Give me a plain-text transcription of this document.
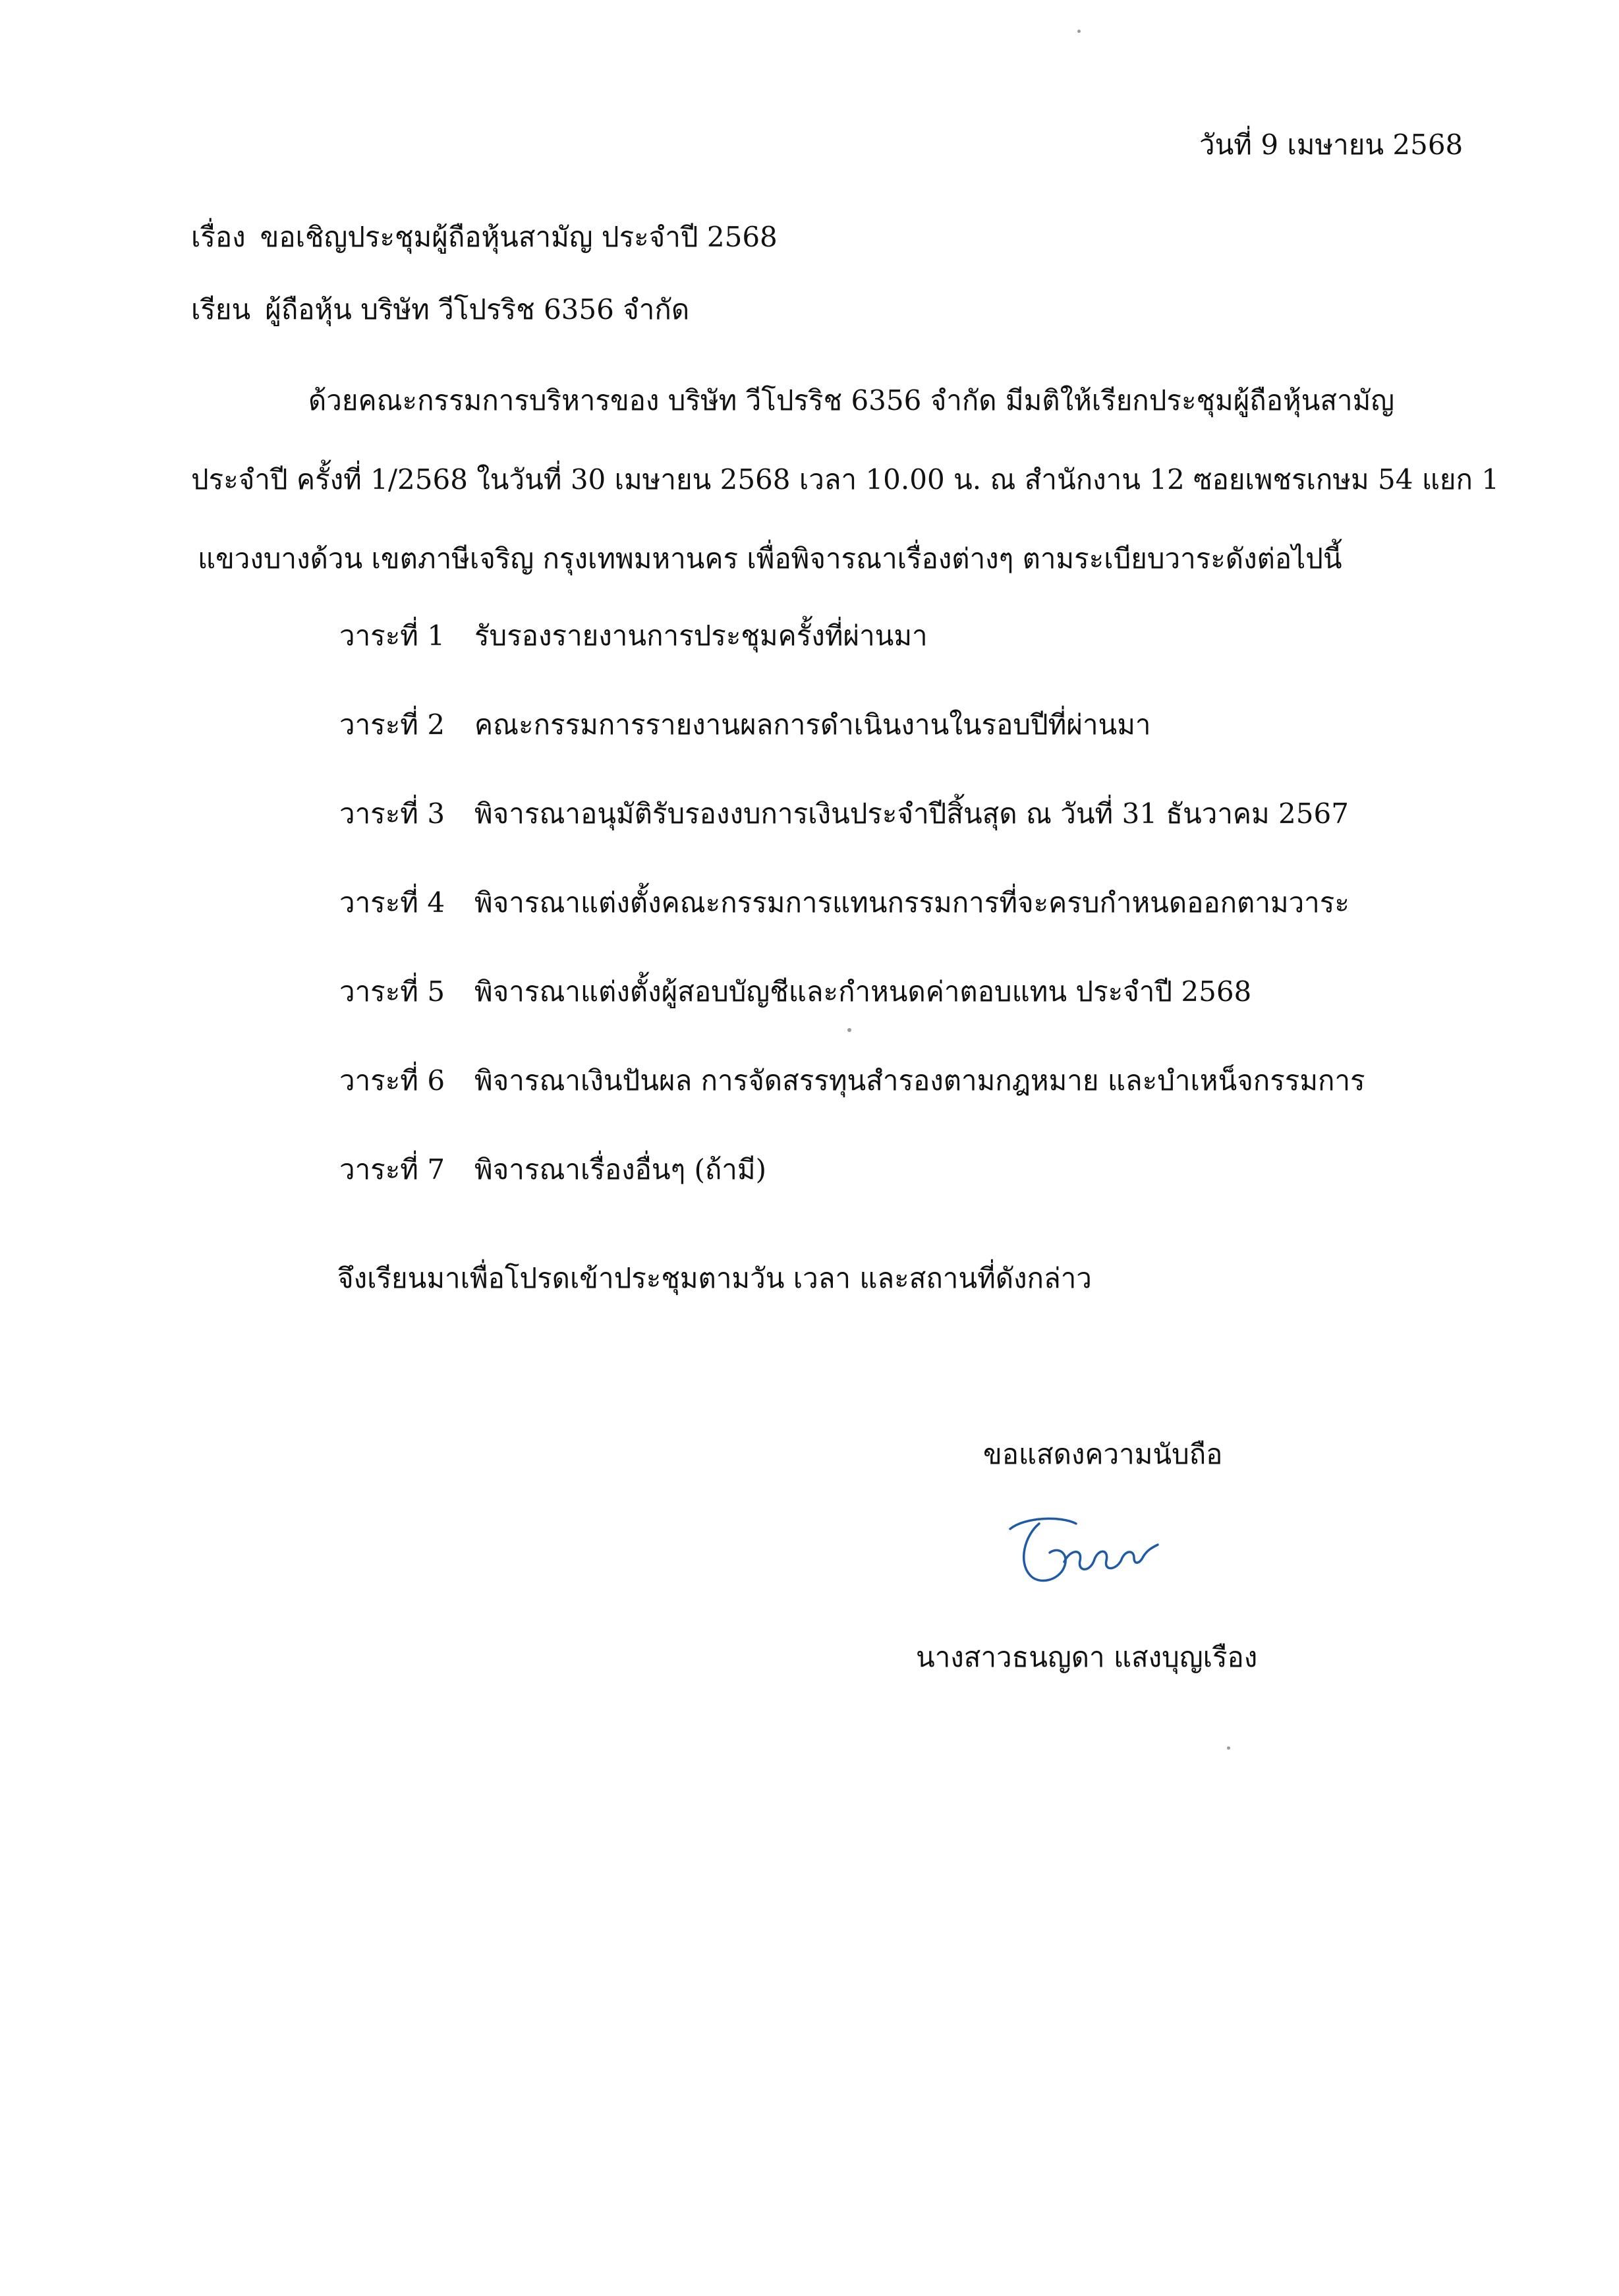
วันที่ 9 เมษายน 2568
เรื่อง ขอเชิญประชุมผู้ถือหุ้นสามัญ ประจำปี 2568
เรียน ผู้ถือหุ้น บริษัท วีโปรริช 6356 จำกัด
ด้วยคณะกรรมการบริหารของ บริษัท วีโปรริช 6356 จำกัด มีมติให้เรียกประชุมผู้ถือหุ้นสามัญ
ประจำปี ครั้งที่ 1/2568 ในวันที่ 30 เมษายน 2568 เวลา 10.00 น. ณ สำนักงาน 12 ซอยเพชรเกษม 54 แยก 1
แขวงบางด้วน เขตภาษีเจริญ กรุงเทพมหานคร เพื่อพิจารณาเรื่องต่างๆ ตามระเบียบวาระดังต่อไปนี้
วาระที่ 1 รับรองรายงานการประชุมครั้งที่ผ่านมา
วาระที่ 2 คณะกรรมการรายงานผลการดำเนินงานในรอบปีที่ผ่านมา
วาระที่ 3 พิจารณาอนุมัติรับรองงบการเงินประจำปีสิ้นสุด ณ วันที่ 31 ธันวาคม 2567
วาระที่ 4 พิจารณาแต่งตั้งคณะกรรมการแทนกรรมการที่จะครบกำหนดออกตามวาระ
วาระที่ 5 พิจารณาแต่งตั้งผู้สอบบัญชีและกำหนดค่าตอบแทน ประจำปี 2568
วาระที่ 6 พิจารณาเงินปันผล การจัดสรรทุนสำรองตามกฎหมาย และบำเหน็จกรรมการ
วาระที่ 7 พิจารณาเรื่องอื่นๆ (ถ้ามี)
จึงเรียนมาเพื่อโปรดเข้าประชุมตามวัน เวลา และสถานที่ดังกล่าว
ขอแสดงความนับถือ
นางสาวธนญดา แสงบุญเรือง
